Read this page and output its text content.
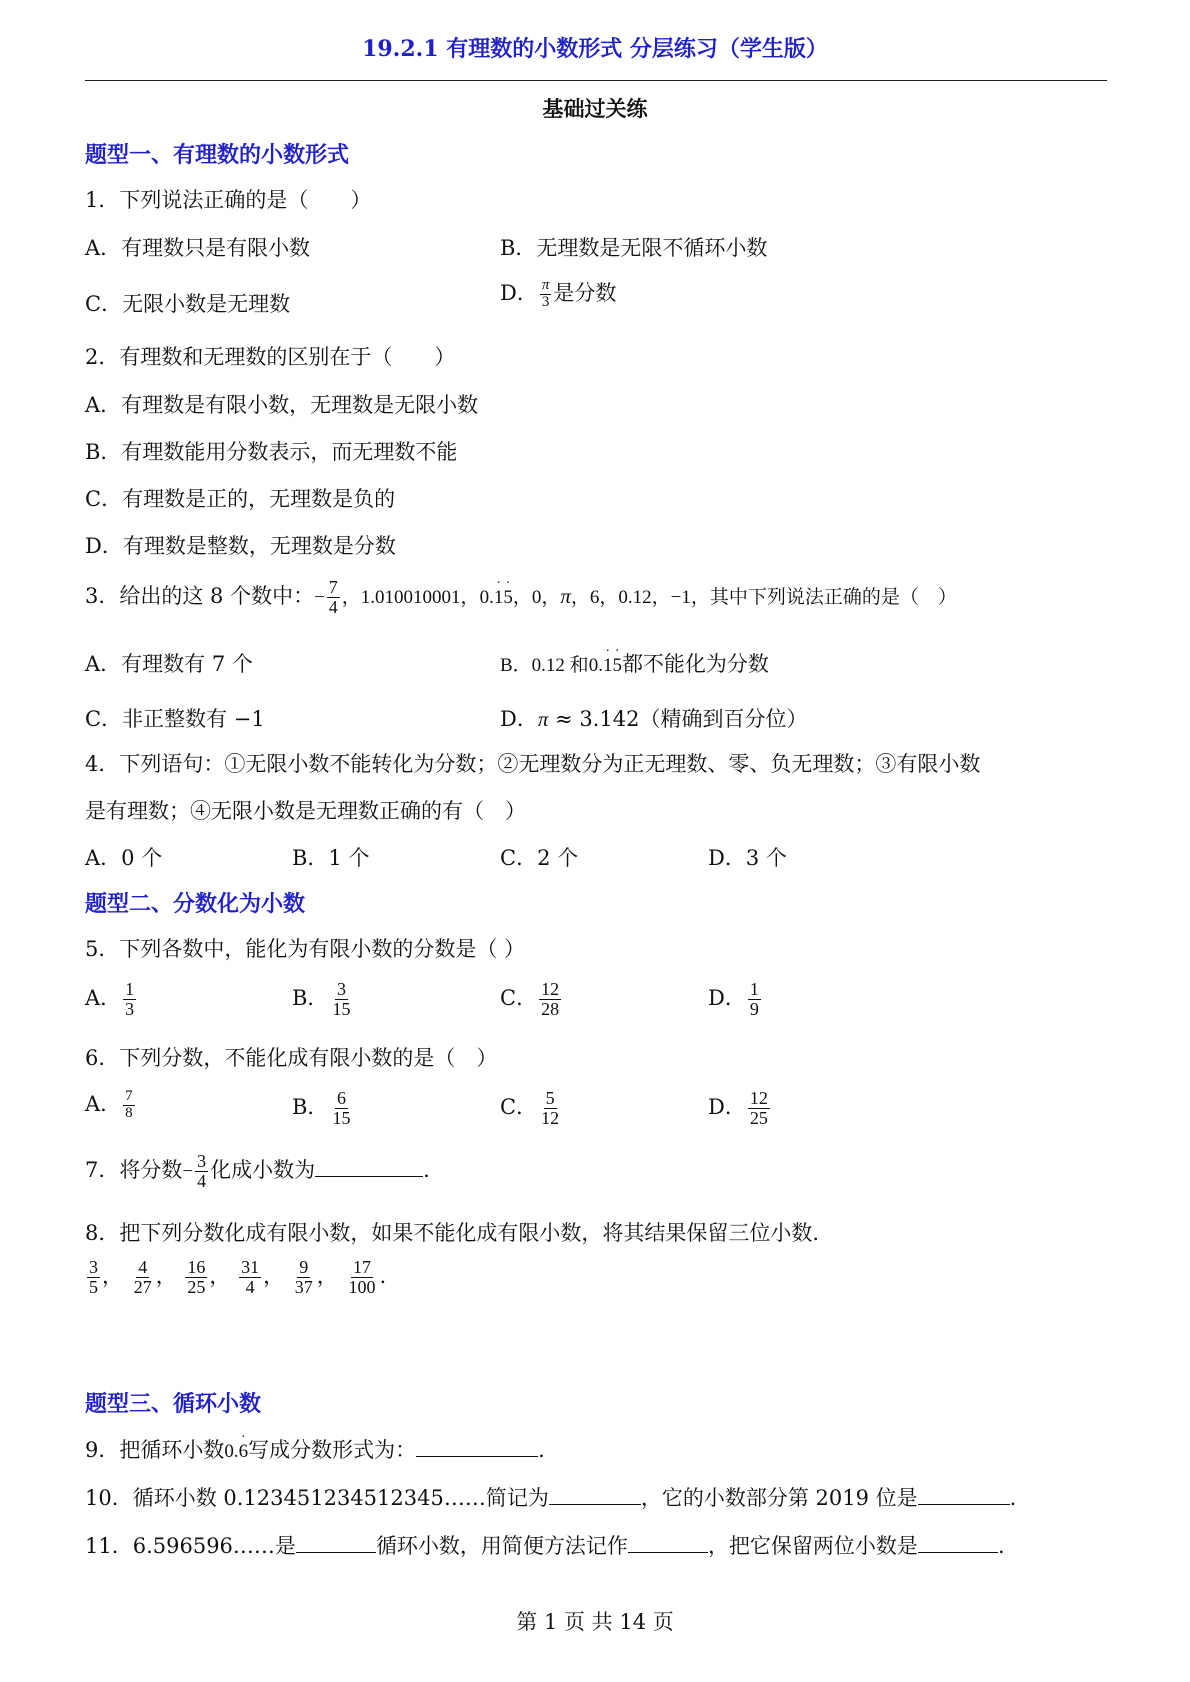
19.2.1 有理数的小数形式 分层练习（学生版）
基础过关练
题型一、有理数的小数形式
1．下列说法正确的是（　　）
A．有理数只是有限小数	B．无理数是无限不循环小数
C．无限小数是无理数	D． $\frac{\pi}{3}$ 是分数
2．有理数和无理数的区别在于（　　）
A．有理数是有限小数，无理数是无限小数
B．有理数能用分数表示，而无理数不能
C．有理数是正的，无理数是负的
D．有理数是整数，无理数是分数
3．给出的这 8 个数中：− $\frac{7}{4}$ ，1.010010001，0.1
·
5
·
，0，π，6，0.12，−1，其中下列说法正确的是（　）
A．有理数有 7 个	B．0.12 和0.1
·
5
·
都不能化为分数
C．非正整数有 −1	D．π ≈ 3.142（精确到百分位）
4．下列语句：①无限小数不能转化为分数；②无理数分为正无理数、零、负无理数；③有限小数
是有理数；④无限小数是无理数正确的有（　）
A．0 个	B．1 个	C．2 个	D．3 个
题型二、分数化为小数
5．下列各数中，能化为有限小数的分数是（ ）
A． $\frac{1}{3}$	B． $\frac{3}{15}$	C． $\frac{12}{28}$	D． $\frac{1}{9}$
6．下列分数，不能化成有限小数的是（　）
A． $\frac{7}{8}$	B． $\frac{6}{15}$	C． $\frac{5}{12}$	D． $\frac{12}{25}$
7．将分数− $\frac{3}{4}$ 化成小数为	.
8．把下列分数化成有限小数，如果不能化成有限小数，将其结果保留三位小数.
$\frac{3}{5}$ ， $\frac{4}{27}$ ， $\frac{16}{25}$ ， $\frac{31}{4}$ ， $\frac{9}{37}$ ， $\frac{17}{100}$ .
题型三、循环小数
9．把循环小数0.6
·
写成分数形式为：	.
10．循环小数 0.123451234512345……简记为	，它的小数部分第 2019 位是	.
11．6.596596……是	循环小数，用简便方法记作	，把它保留两位小数是	.
第 1 页 共 14 页
